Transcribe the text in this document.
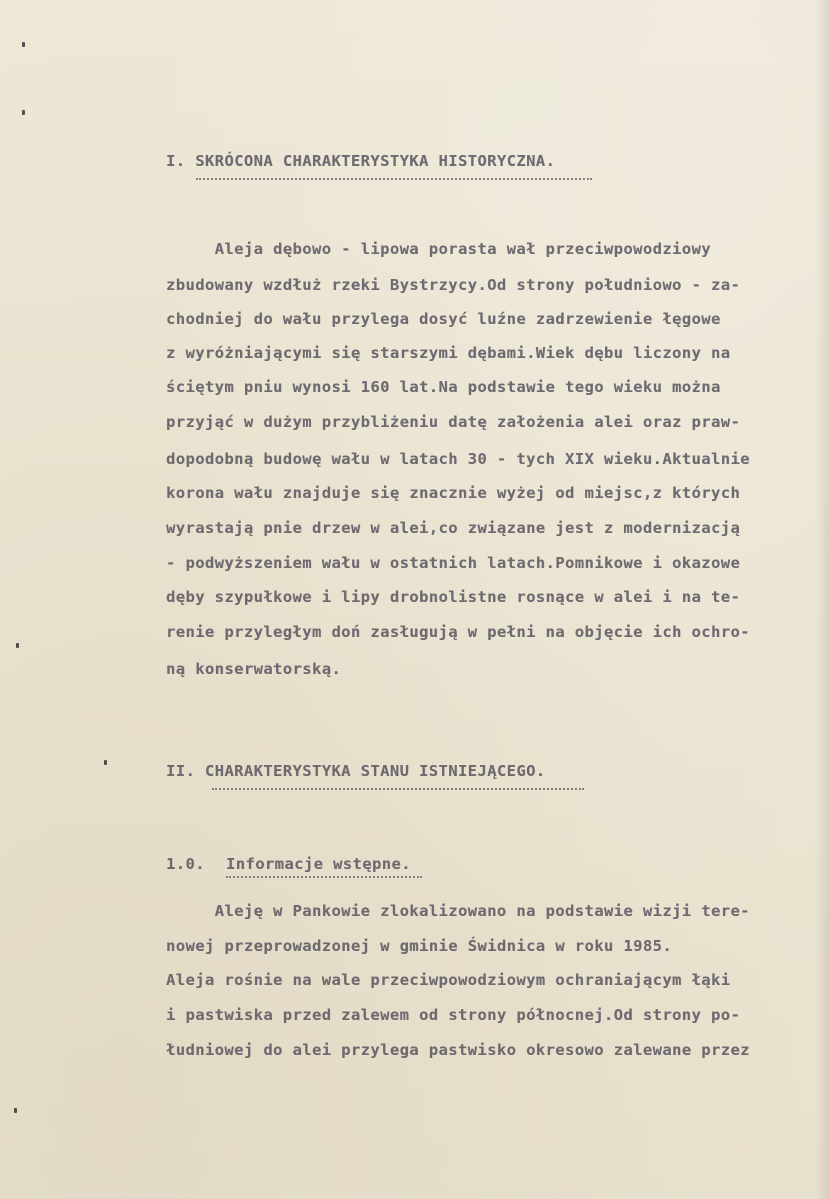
I. SKRÓCONA CHARAKTERYSTYKA HISTORYCZNA.
Aleja dębowo - lipowa porasta wał przeciwpowodziowy
zbudowany wzdłuż rzeki Bystrzycy.Od strony południowo - za-
chodniej do wału przylega dosyć luźne zadrzewienie łęgowe
z wyróżniającymi się starszymi dębami.Wiek dębu liczony na
ściętym pniu wynosi 160 lat.Na podstawie tego wieku można
przyjąć w dużym przybliżeniu datę założenia alei oraz praw-
dopodobną budowę wału w latach 30 - tych XIX wieku.Aktualnie
korona wału znajduje się znacznie wyżej od miejsc,z których
wyrastają pnie drzew w alei,co związane jest z modernizacją
- podwyższeniem wału w ostatnich latach.Pomnikowe i okazowe
dęby szypułkowe i lipy drobnolistne rosnące w alei i na te-
renie przyległym doń zasługują w pełni na objęcie ich ochro-
ną konserwatorską.
II. CHARAKTERYSTYKA STANU ISTNIEJĄCEGO.
1.0. Informacje wstępne.
Aleję w Pankowie zlokalizowano na podstawie wizji tere-
nowej przeprowadzonej w gminie Świdnica w roku 1985.
Aleja rośnie na wale przeciwpowodziowym ochraniającym łąki
i pastwiska przed zalewem od strony północnej.Od strony po-
łudniowej do alei przylega pastwisko okresowo zalewane przez
